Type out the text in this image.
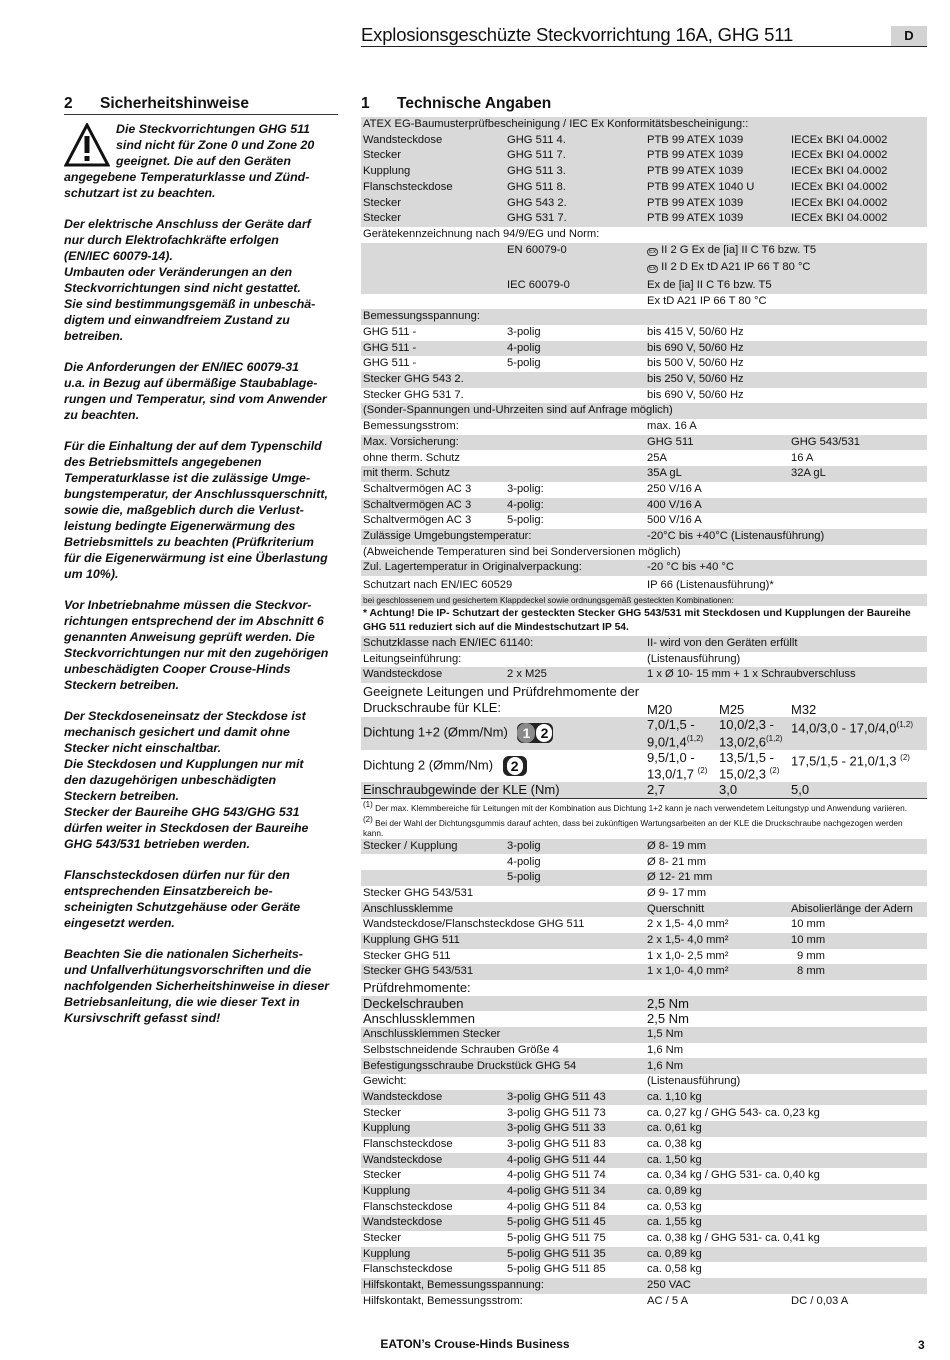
Explosionsgeschüzte Steckvorrichtung 16A, GHG 511	D
2 Sicherheitshinweise

Die Steckvorrichtungen GHG 511
sind nicht für Zone 0 und Zone 20
geeignet. Die auf den Geräten
angegebene Temperaturklasse und Zünd-
schutzart ist zu beachten.

Der elektrische Anschluss der Geräte darf
nur durch Elektrofachkräfte erfolgen
(EN/IEC 60079-14).
Umbauten oder Veränderungen an den
Steckvorrichtungen sind nicht gestattet.
Sie sind bestimmungsgemäß in unbeschä-
digtem und einwandfreiem Zustand zu
betreiben.

Die Anforderungen der EN/IEC 60079-31
u.a. in Bezug auf übermäßige Staubablage-
rungen und Temperatur, sind vom Anwender
zu beachten.

Für die Einhaltung der auf dem Typenschild
des Betriebsmittels angegebenen
Temperaturklasse ist die zulässige Umge-
bungstemperatur, der Anschlussquerschnitt,
sowie die, maßgeblich durch die Verlust-
leistung bedingte Eigenerwärmung des
Betriebsmittels zu beachten (Prüfkriterium
für die Eigenerwärmung ist eine Überlastung
um 10%).

Vor Inbetriebnahme müssen die Steckvor-
richtungen entsprechend der im Abschnitt 6
genannten Anweisung geprüft werden. Die
Steckvorrichtungen nur mit den zugehörigen
unbeschädigten Cooper Crouse-Hinds
Steckern betreiben.

Der Steckdoseneinsatz der Steckdose ist
mechanisch gesichert und damit ohne
Stecker nicht einschaltbar.
Die Steckdosen und Kupplungen nur mit
den dazugehörigen unbeschädigten
Steckern betreiben.
Stecker der Baureihe GHG 543/GHG 531
dürfen weiter in Steckdosen der Baureihe
GHG 543/531 betrieben werden.

Flanschsteckdosen dürfen nur für den
entsprechenden Einsatzbereich be-
scheinigten Schutzgehäuse oder Geräte
eingesetzt werden.

Beachten Sie die nationalen Sicherheits-
und Unfallverhütungsvorschriften und die
nachfolgenden Sicherheitshinweise in dieser
Betriebsanleitung, die wie dieser Text in
Kursivschrift gefasst sind!

1 Technische Angaben
ATEX EG-Baumusterprüfbescheinigung / IEC Ex Konformitätsbescheinigung::				
Wandsteckdose	GHG 511 4.	PTB 99 ATEX 1039		IECEx BKI 04.0002
Stecker	GHG 511 7.	PTB 99 ATEX 1039		IECEx BKI 04.0002
Kupplung	GHG 511 3.	PTB 99 ATEX 1039		IECEx BKI 04.0002
Flanschsteckdose	GHG 511 8.	PTB 99 ATEX 1040 U		IECEx BKI 04.0002
Stecker	GHG 543 2.	PTB 99 ATEX 1039		IECEx BKI 04.0002
Stecker	GHG 531 7.	PTB 99 ATEX 1039		IECEx BKI 04.0002
Gerätekennzeichnung nach 94/9/EG und Norm:				
	EN 60079-0	Ex II 2 G Ex de [ia] II C T6 bzw. T5		
		Ex II 2 D Ex tD A21 IP 66 T 80 °C		
	IEC 60079-0	Ex de [ia] II C T6 bzw. T5		
		Ex tD A21 IP 66 T 80 °C		
Bemessungsspannung:				
GHG 511 -	3-polig	bis 415 V, 50/60 Hz		
GHG 511 -	4-polig	bis 690 V, 50/60 Hz		
GHG 511 -	5-polig	bis 500 V, 50/60 Hz		
Stecker GHG 543 2.		bis 250 V, 50/60 Hz		
Stecker GHG 531 7.		bis 690 V, 50/60 Hz		
(Sonder-Spannungen und-Uhrzeiten sind auf Anfrage möglich)				
Bemessungsstrom:		max. 16 A		
Max. Vorsicherung:		GHG 511		GHG 543/531
ohne therm. Schutz		25A		16 A
mit therm. Schutz		35A gL		32A gL
Schaltvermögen AC 3	3-polig:	250 V/16 A		
Schaltvermögen AC 3	4-polig:	400 V/16 A		
Schaltvermögen AC 3	5-polig:	500 V/16 A		
Zulässige Umgebungstemperatur:		-20°C bis +40°C (Listenausführung)		
(Abweichende Temperaturen sind bei Sonderversionen möglich)				
Zul. Lagertemperatur in Originalverpackung:		-20 °C bis +40 °C		
Schutzart nach EN/IEC 60529		IP 66 (Listenausführung)*		
bei geschlossenem und gesichertem Klappdeckel sowie ordnungsgemäß gesteckten Kombinationen:				
* Achtung! Die IP- Schutzart der gesteckten Stecker GHG 543/531 mit Steckdosen und Kupplungen der Baureihe GHG 511 reduziert sich auf die Mindestschutzart IP 54.				
Schutzklasse nach EN/IEC 61140:		II- wird von den Geräten erfüllt		
Leitungseinführung:		(Listenausführung)		
Wandsteckdose	2 x M25	1 x Ø 10- 15 mm + 1 x Schraubverschluss		
Geeignete Leitungen und Prüfdrehmomente der Druckschraube für KLE:		M20	M25	M32
Dichtung 1+2 (Ømm/Nm) 1 2		7,0/1,5 - 9,0/1,4$^{(1,2)}$	10,0/2,3 - 13,0/2,6$^{(1,2)}$	14,0/3,0 - 17,0/4,0$^{(1,2)}$
Dichtung 2 (Ømm/Nm) 2		9,5/1,0 - 13,0/1,7 $^{(2)}$	13,5/1,5 - 15,0/2,3 $^{(2)}$	17,5/1,5 - 21,0/1,3 $^{(2)}$
Einschraubgewinde der KLE (Nm)		2,7	3,0	5,0
$^{(1)}$ Der max. Klemmbereiche für Leitungen mit der Kombination aus Dichtung 1+2 kann je nach verwendetem Leitungstyp und Anwendung variieren.				
$^{(2)}$ Bei der Wahl der Dichtungsgummis darauf achten, dass bei zukünftigen Wartungsarbeiten an der KLE die Druckschraube nachgezogen werden kann.				
Stecker / Kupplung	3-polig	Ø 8- 19 mm		
	4-polig	Ø 8- 21 mm		
	5-polig	Ø 12- 21 mm		
Stecker GHG 543/531		Ø 9- 17 mm		
Anschlussklemme		Querschnitt		Abisolierlänge der Adern
Wandsteckdose/Flanschsteckdose GHG 511		2 x 1,5- 4,0 mm²		10 mm
Kupplung GHG 511		2 x 1,5- 4,0 mm²		10 mm
Stecker GHG 511		1 x 1,0- 2,5 mm²		9 mm
Stecker GHG 543/531		1 x 1,0- 4,0 mm²		8 mm
Prüfdrehmomente:				
Deckelschrauben		2,5 Nm		
Anschlussklemmen		2,5 Nm		
Anschlussklemmen Stecker		1,5 Nm		
Selbstschneidende Schrauben Größe 4		1,6 Nm		
Befestigungsschraube Druckstück GHG 54		1,6 Nm		
Gewicht:		(Listenausführung)		
Wandsteckdose	3-polig GHG 511 43	ca. 1,10 kg		
Stecker	3-polig GHG 511 73	ca. 0,27 kg / GHG 543- ca. 0,23 kg		
Kupplung	3-polig GHG 511 33	ca. 0,61 kg		
Flanschsteckdose	3-polig GHG 511 83	ca. 0,38 kg		
Wandsteckdose	4-polig GHG 511 44	ca. 1,50 kg		
Stecker	4-polig GHG 511 74	ca. 0,34 kg / GHG 531- ca. 0,40 kg		
Kupplung	4-polig GHG 511 34	ca. 0,89 kg		
Flanschsteckdose	4-polig GHG 511 84	ca. 0,53 kg		
Wandsteckdose	5-polig GHG 511 45	ca. 1,55 kg		
Stecker	5-polig GHG 511 75	ca. 0,38 kg / GHG 531- ca. 0,41 kg		
Kupplung	5-polig GHG 511 35	ca. 0,89 kg		
Flanschsteckdose	5-polig GHG 511 85	ca. 0,58 kg		
Hilfskontakt, Bemessungsspannung:		250 VAC		
Hilfskontakt, Bemessungsstrom:		AC / 5 A		DC / 0,03 A
EATON’s Crouse-Hinds Business	3
